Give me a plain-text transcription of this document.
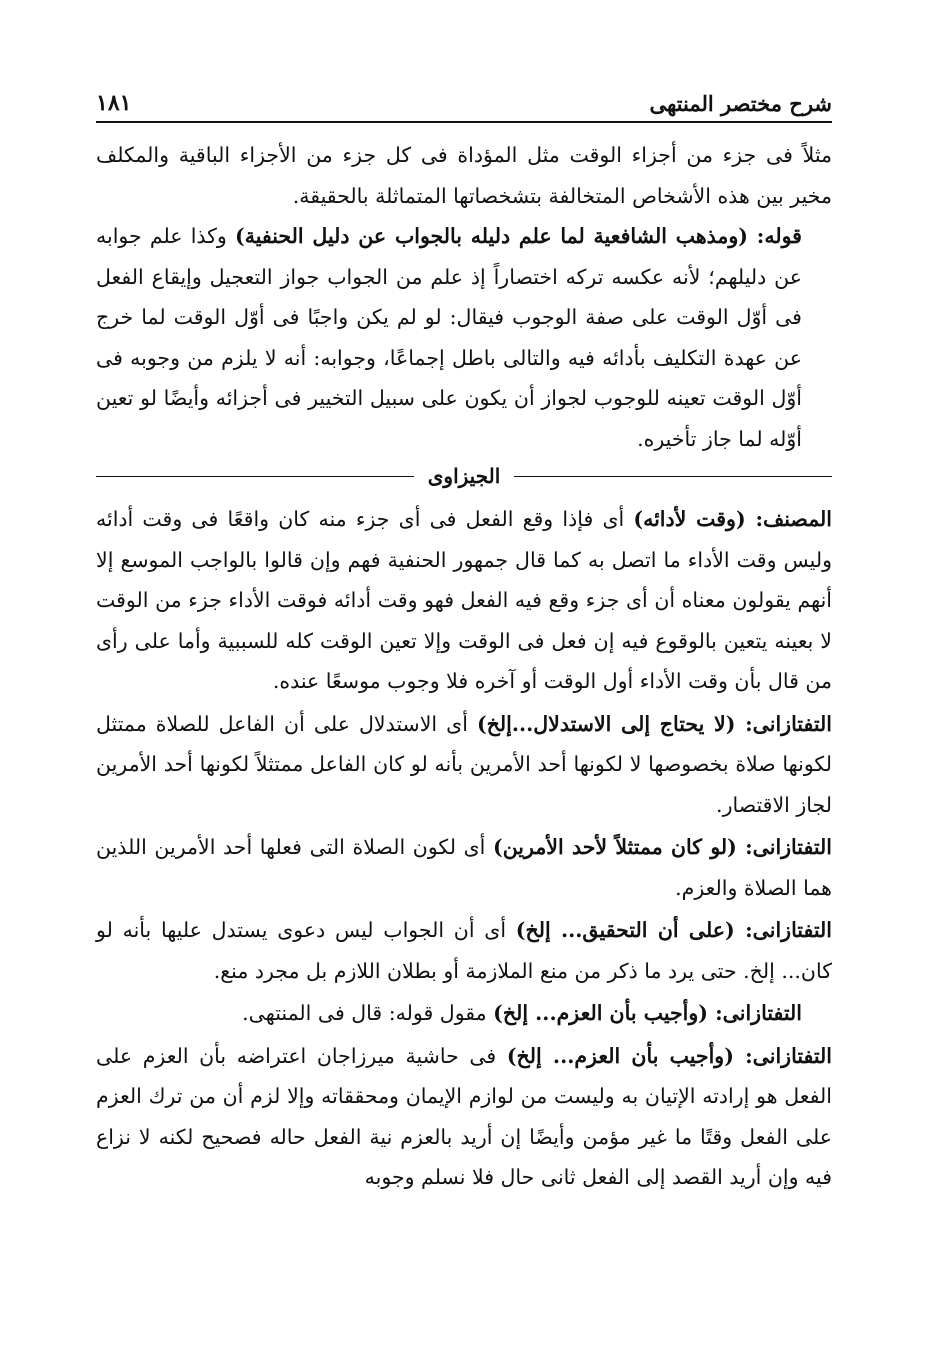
شرح مختصر المنتهى
١٨١

مثلاً فى جزء من أجزاء الوقت مثل المؤداة فى كل جزء من الأجزاء الباقية والمكلف مخير بين هذه الأشخاص المتخالفة بتشخصاتها المتماثلة بالحقيقة.

قوله: (ومذهب الشافعية لما علم دليله بالجواب عن دليل الحنفية) وكذا علم جوابه عن دليلهم؛ لأنه عكسه تركه اختصاراً إذ علم من الجواب جواز التعجيل وإيقاع الفعل فى أوّل الوقت على صفة الوجوب فيقال: لو لم يكن واجبًا فى أوّل الوقت لما خرج عن عهدة التكليف بأدائه فيه والتالى باطل إجماعًا، وجوابه: أنه لا يلزم من وجوبه فى أوّل الوقت تعينه للوجوب لجواز أن يكون على سبيل التخيير فى أجزائه وأيضًا لو تعين أوّله لما جاز تأخيره.

الجيزاوى

المصنف: (وقت لأدائه) أى فإذا وقع الفعل فى أى جزء منه كان واقعًا فى وقت أدائه وليس وقت الأداء ما اتصل به كما قال جمهور الحنفية فهم وإن قالوا بالواجب الموسع إلا أنهم يقولون معناه أن أى جزء وقع فيه الفعل فهو وقت أدائه فوقت الأداء جزء من الوقت لا بعينه يتعين بالوقوع فيه إن فعل فى الوقت وإلا تعين الوقت كله للسببية وأما على رأى من قال بأن وقت الأداء أول الوقت أو آخره فلا وجوب موسعًا عنده.

التفتازانى: (لا يحتاج إلى الاستدلال...إلخ) أى الاستدلال على أن الفاعل للصلاة ممتثل لكونها صلاة بخصوصها لا لكونها أحد الأمرين بأنه لو كان الفاعل ممتثلاً لكونها أحد الأمرين لجاز الاقتصار.

التفتازانى: (لو كان ممتثلاً لأحد الأمرين) أى لكون الصلاة التى فعلها أحد الأمرين اللذين هما الصلاة والعزم.

التفتازانى: (على أن التحقيق... إلخ) أى أن الجواب ليس دعوى يستدل عليها بأنه لو كان... إلخ. حتى يرد ما ذكر من منع الملازمة أو بطلان اللازم بل مجرد منع.

التفتازانى: (وأجيب بأن العزم... إلخ) مقول قوله: قال فى المنتهى.

التفتازانى: (وأجيب بأن العزم... إلخ) فى حاشية ميرزاجان اعتراضه بأن العزم على الفعل هو إرادته الإتيان به وليست من لوازم الإيمان ومحققاته وإلا لزم أن من ترك العزم على الفعل وقتًا ما غير مؤمن وأيضًا إن أريد بالعزم نية الفعل حاله فصحيح لكنه لا نزاع فيه وإن أريد القصد إلى الفعل ثانى حال فلا نسلم وجوبه
